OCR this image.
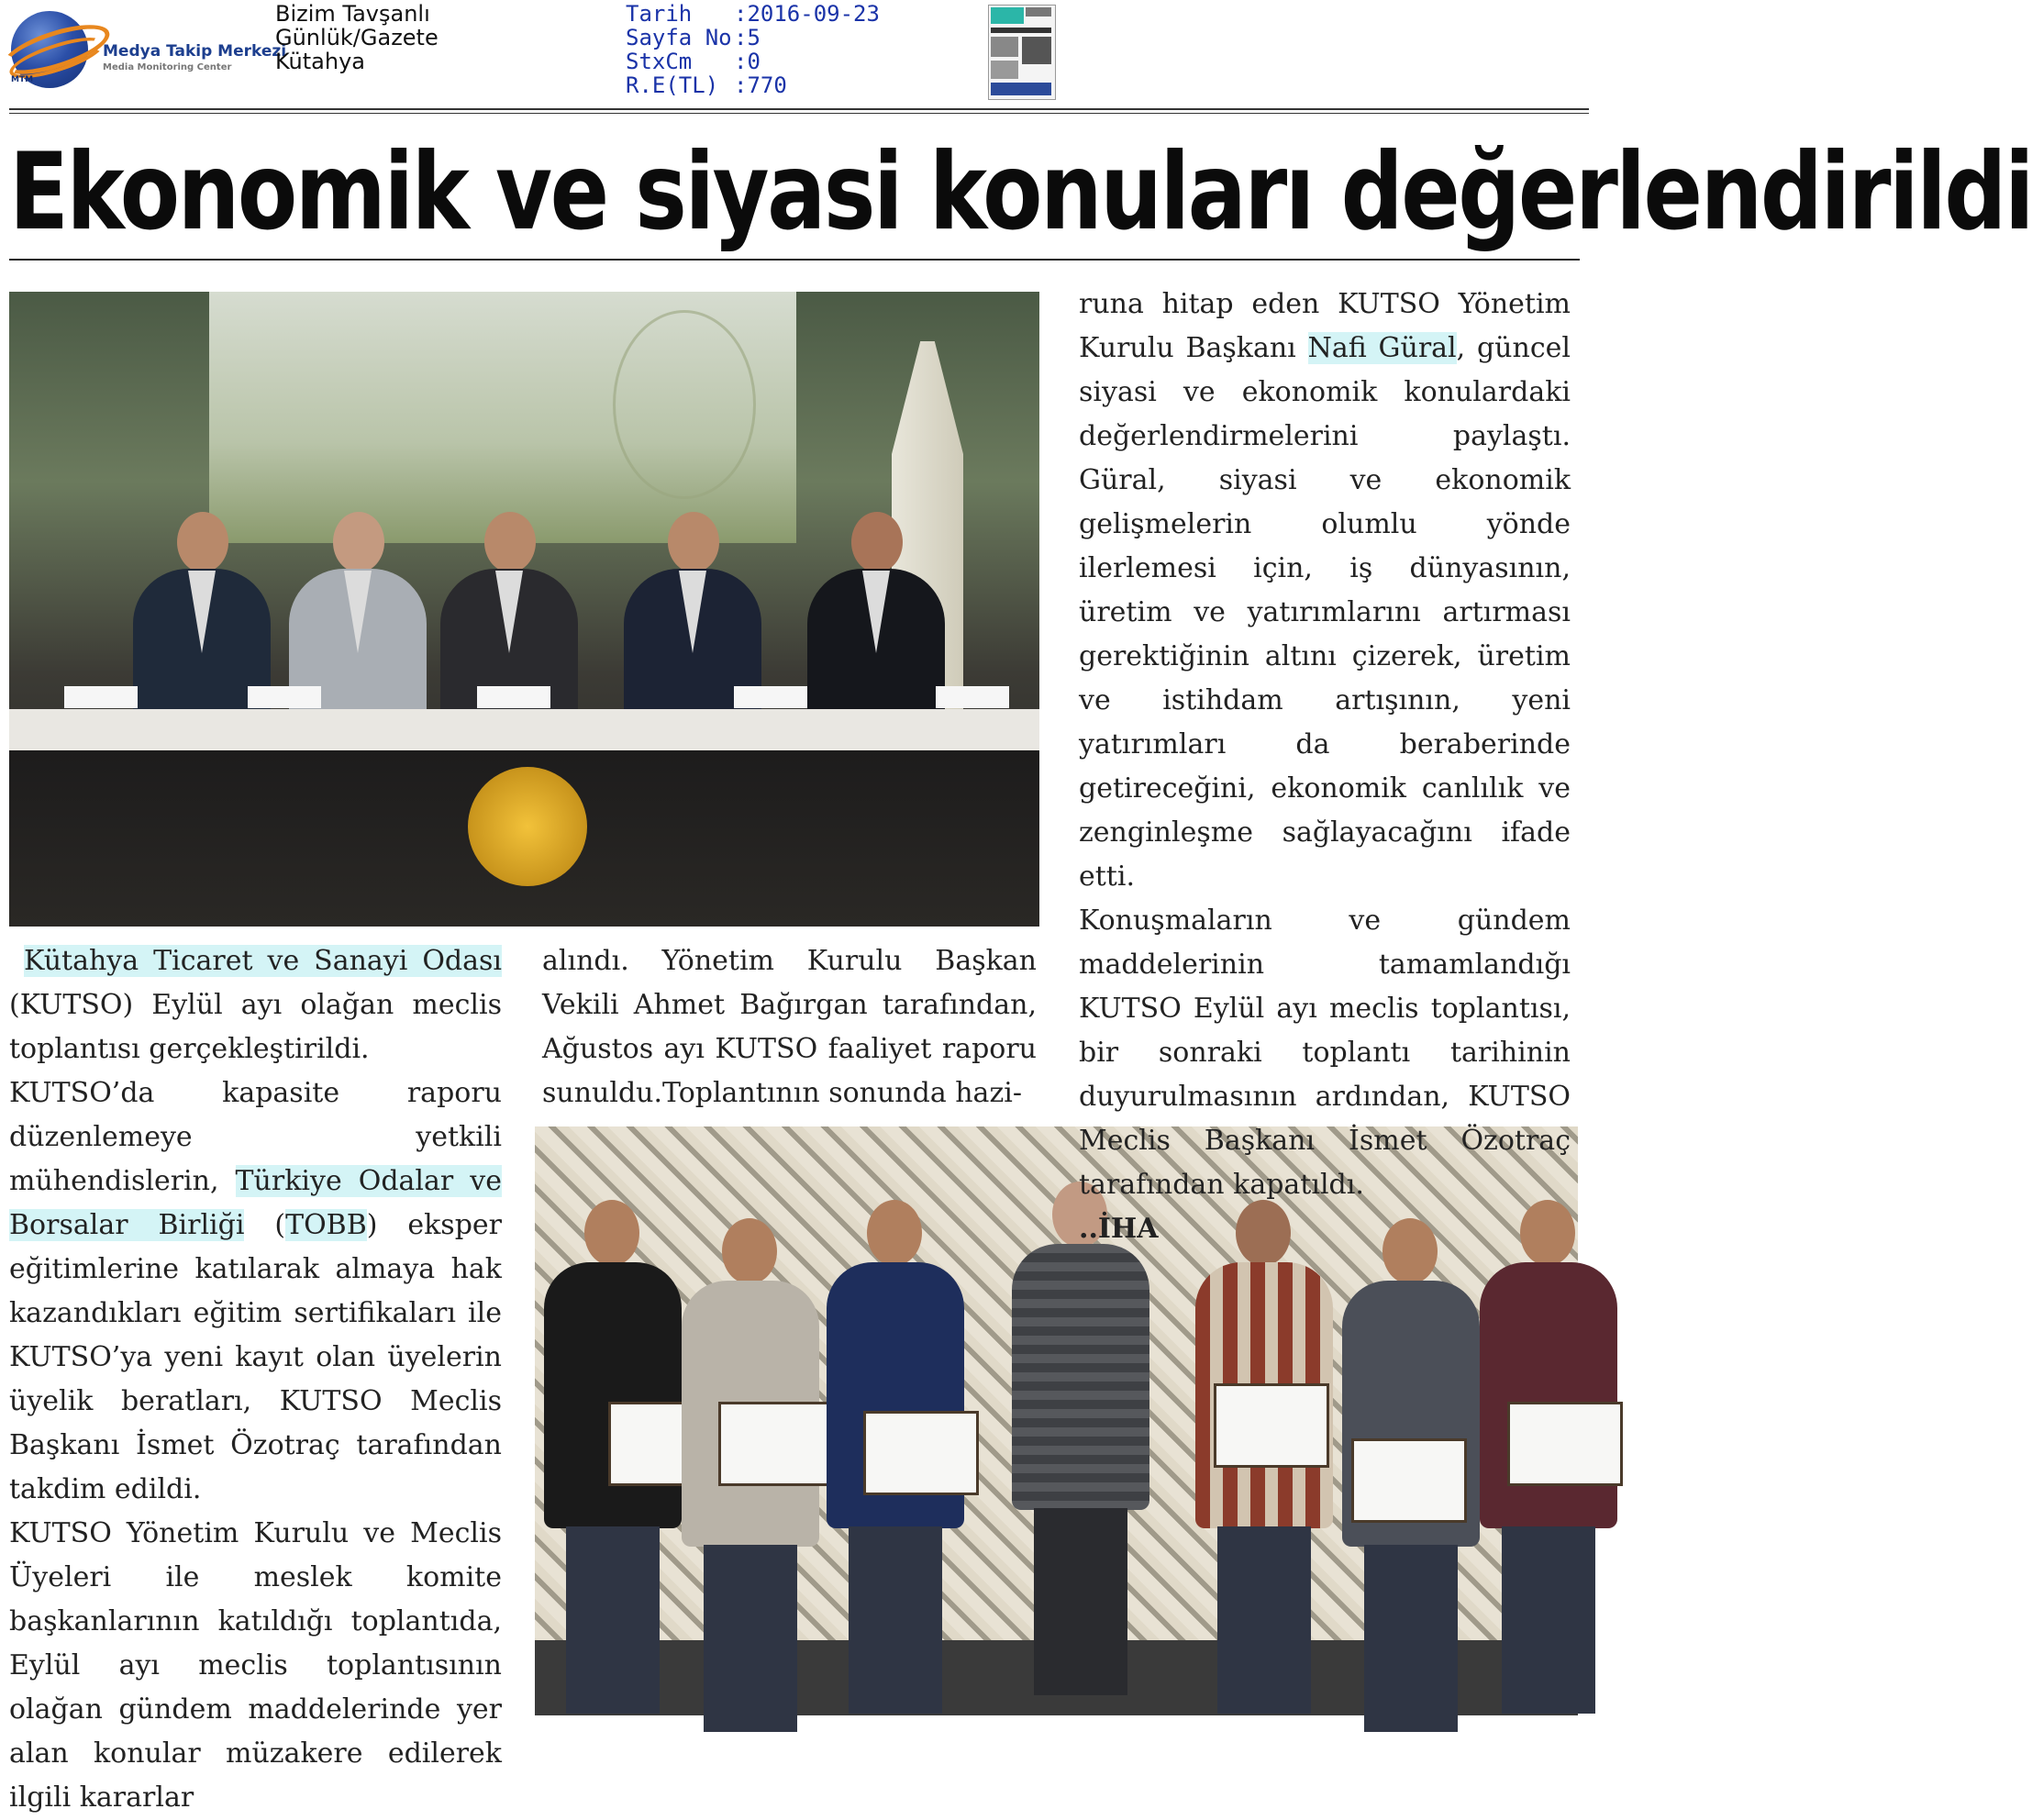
MTM
Medya Takip Merkezi
Media Monitoring Center
Bizim Tavşanlı
Günlük/Gazete
Kütahya
Tarih :2016-09-23
Sayfa No :5
StxCm :0
R.E(TL) :770
Ekonomik ve siyasi konuları değerlendirildi

Kütahya Ticaret ve Sanayi Odası (KUTSO) Eylül ayı olağan meclis toplantısı gerçekleştirildi.

KUTSO’da kapasite raporu düzenlemeye yetkili mühendislerin, Türkiye Odalar ve Borsalar Birliği (TOBB) eksper eğitimlerine katılarak almaya hak kazandıkları eğitim sertifikaları ile KUTSO’ya yeni kayıt olan üyelerin üyelik beratları, KUTSO Meclis Başkanı İsmet Özotraç tarafından takdim edildi.

KUTSO Yönetim Kurulu ve Meclis Üyeleri ile meslek komite başkanlarının katıldığı toplantıda, Eylül ayı meclis toplantısının olağan gündem maddelerinde yer alan konular müzakere edilerek ilgili kararlar

alındı. Yönetim Kurulu Başkan Vekili Ahmet Bağırgan tarafından, Ağustos ayı KUTSO faaliyet raporu sunuldu.Toplantının sonunda hazi-

runa hitap eden KUTSO Yönetim Kurulu Başkanı Nafi Güral, güncel siyasi ve ekonomik konulardaki değerlendirmelerini paylaştı. Güral, siyasi ve ekonomik gelişmelerin olumlu yönde ilerlemesi için, iş dünyasının, üretim ve yatırımlarını artırması gerektiğinin altını çizerek, üretim ve istihdam artışının, yeni yatırımları da beraberinde getireceğini, ekonomik canlılık ve zenginleşme sağlayacağını ifade etti.

Konuşmaların ve gündem maddelerinin tamamlandığı KUTSO Eylül ayı meclis toplantısı, bir sonraki toplantı tarihinin duyurulmasının ardından, KUTSO Meclis Başkanı İsmet Özotraç tarafından kapatıldı.

..İHA
